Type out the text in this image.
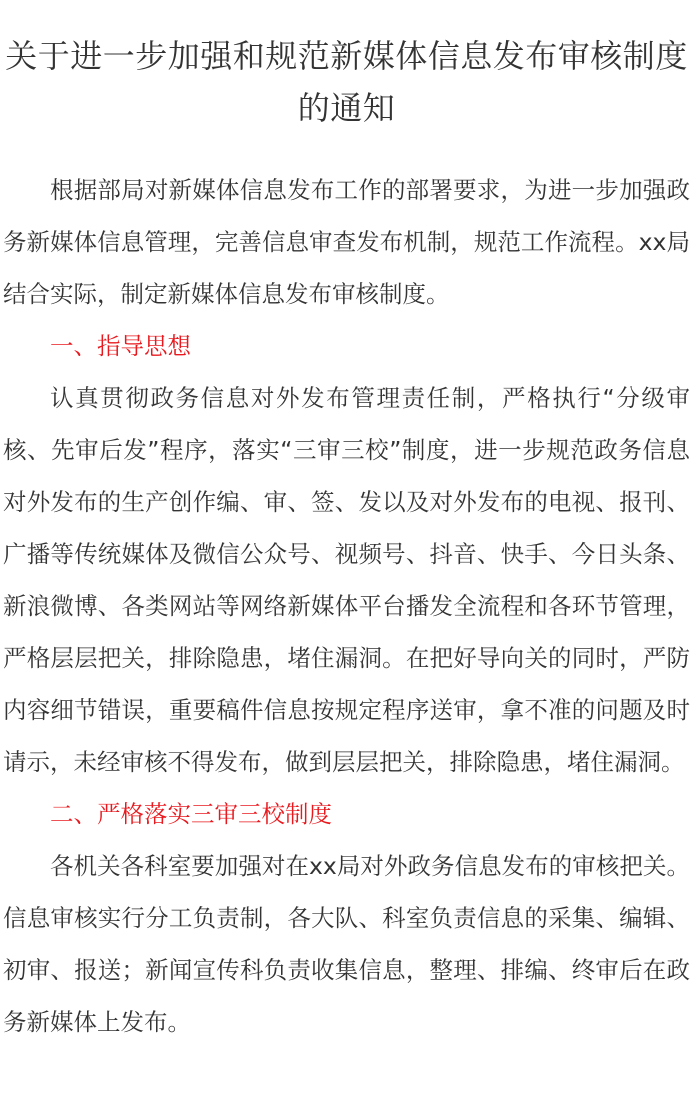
关于进一步加强和规范新媒体信息发布审核制度的通知

根据部局对新媒体信息发布工作的部署要求，为进一步加强政务新媒体信息管理，完善信息审查发布机制，规范工作流程。xx局结合实际，制定新媒体信息发布审核制度。

一、指导思想

认真贯彻政务信息对外发布管理责任制，严格执行“分级审核、先审后发”程序，落实“三审三校”制度，进一步规范政务信息对外发布的生产创作编、审、签、发以及对外发布的电视、报刊、广播等传统媒体及微信公众号、视频号、抖音、快手、今日头条、新浪微博、各类网站等网络新媒体平台播发全流程和各环节管理，严格层层把关，排除隐患，堵住漏洞。在把好导向关的同时，严防内容细节错误，重要稿件信息按规定程序送审，拿不准的问题及时请示，未经审核不得发布，做到层层把关，排除隐患，堵住漏洞。

二、严格落实三审三校制度

各机关各科室要加强对在xx局对外政务信息发布的审核把关。信息审核实行分工负责制，各大队、科室负责信息的采集、编辑、初审、报送；新闻宣传科负责收集信息，整理、排编、终审后在政务新媒体上发布。
